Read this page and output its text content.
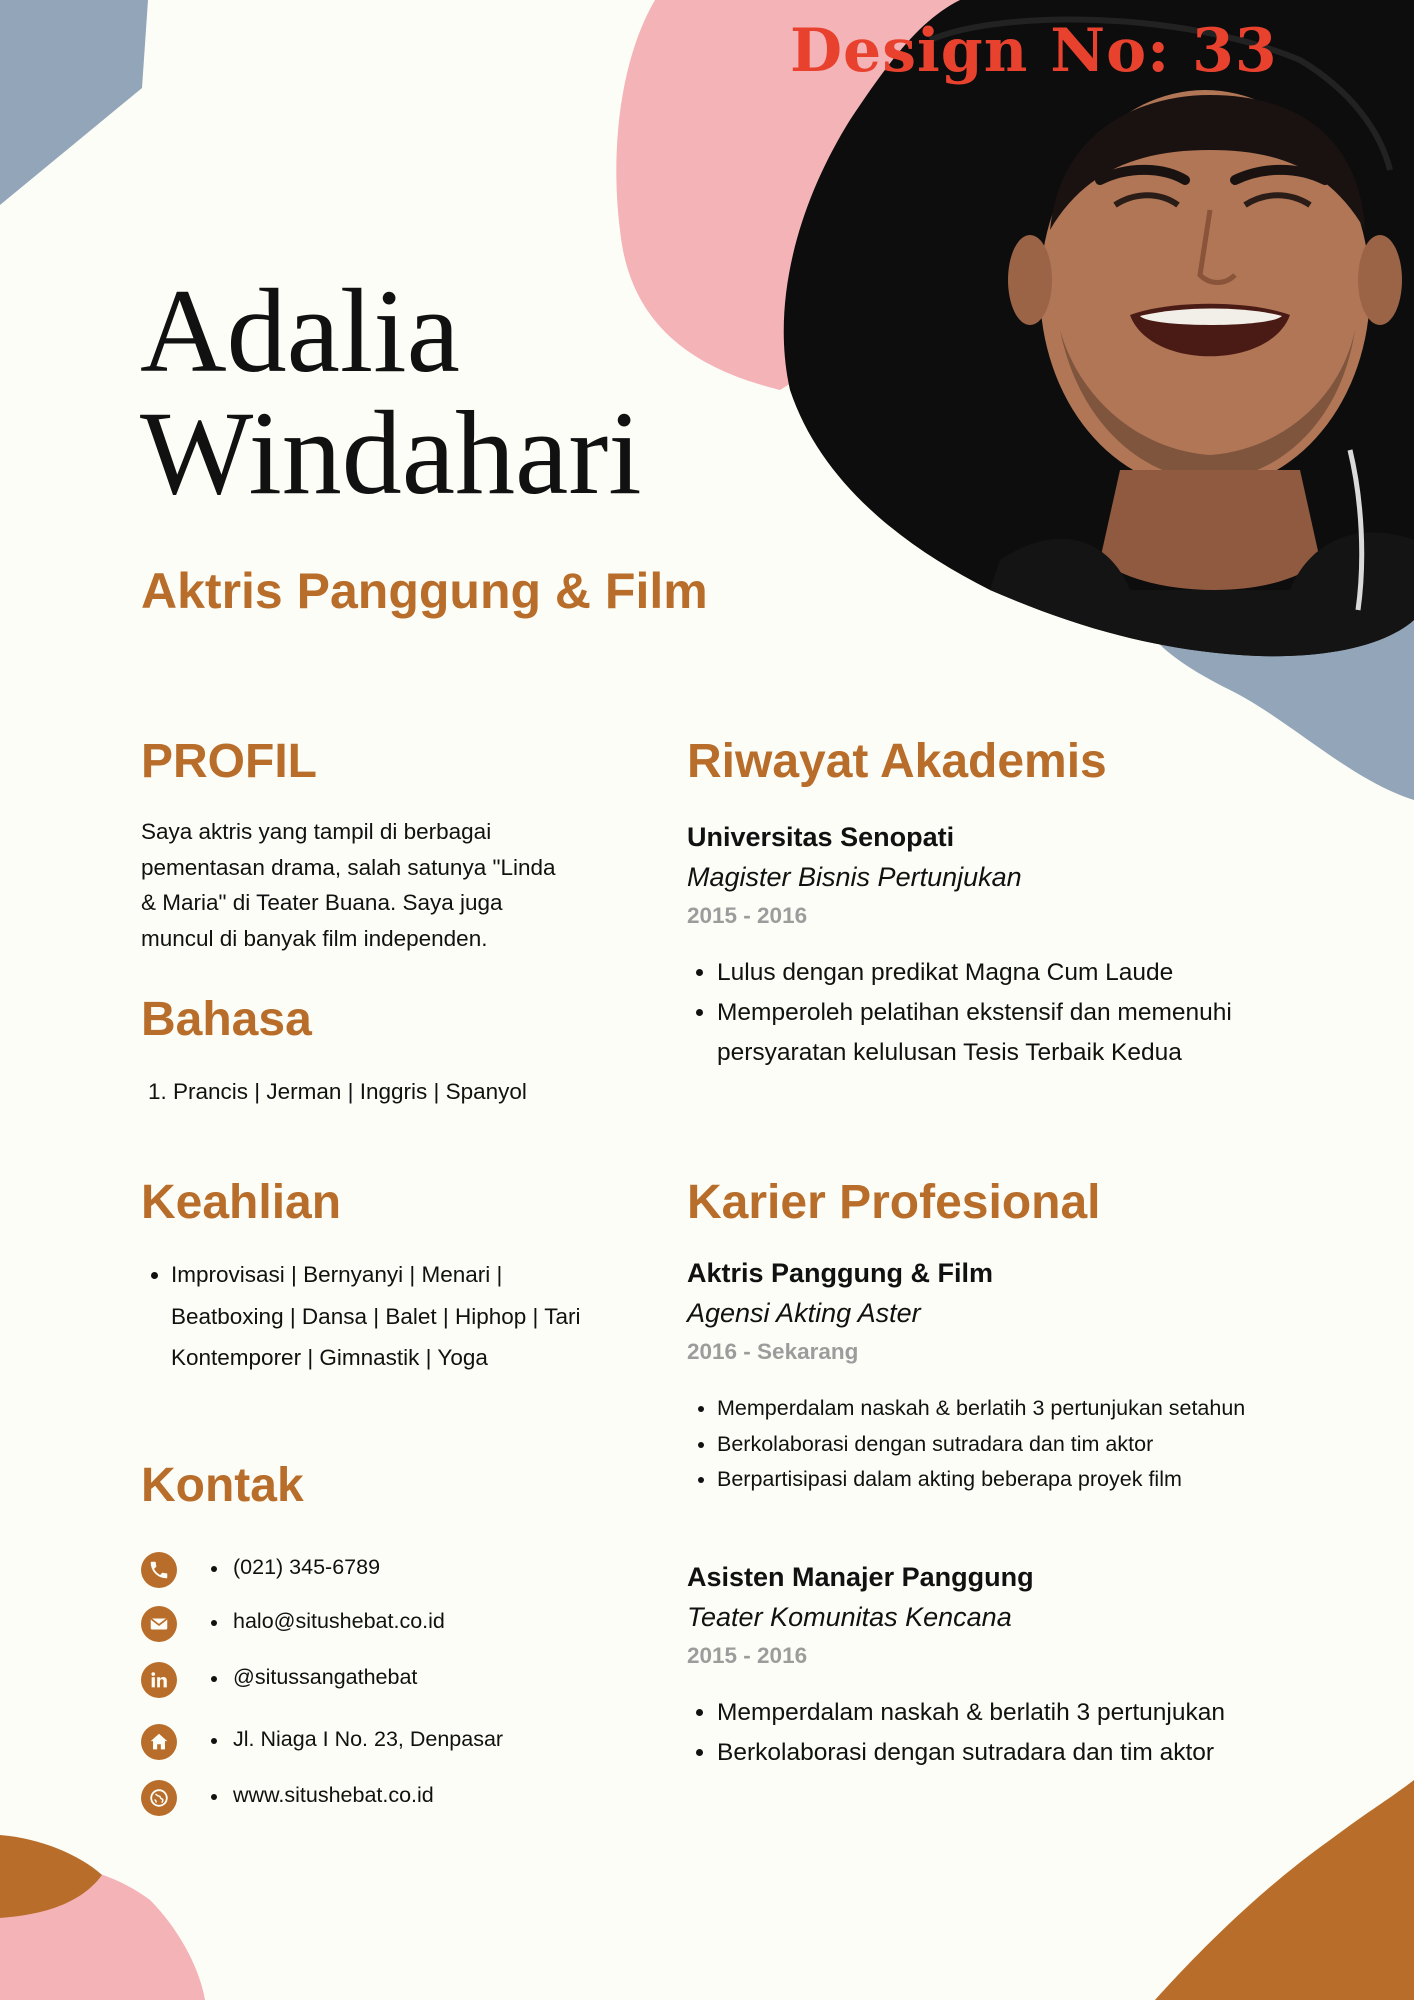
Design No: 33
Adalia
Windahari
Aktris Panggung & Film
PROFIL
Saya aktris yang tampil di berbagai pementasan drama, salah satunya "Linda & Maria" di Teater Buana. Saya juga muncul di banyak film independen.
Bahasa
1. Prancis | Jerman | Inggris | Spanyol
Keahlian
• Improvisasi | Bernyanyi | Menari | Beatboxing | Dansa | Balet | Hiphop | Tari Kontemporer | Gimnastik | Yoga
Kontak
(021) 345-6789
halo@situshebat.co.id
@situssangathebat
Jl. Niaga I No. 23, Denpasar
www.situshebat.co.id
Riwayat Akademis
Universitas Senopati
Magister Bisnis Pertunjukan
2015 - 2016
• Lulus dengan predikat Magna Cum Laude
• Memperoleh pelatihan ekstensif dan memenuhi persyaratan kelulusan Tesis Terbaik Kedua
Karier Profesional
Aktris Panggung & Film
Agensi Akting Aster
2016 - Sekarang
• Memperdalam naskah & berlatih 3 pertunjukan setahun
• Berkolaborasi dengan sutradara dan tim aktor
• Berpartisipasi dalam akting beberapa proyek film
Asisten Manajer Panggung
Teater Komunitas Kencana
2015 - 2016
• Memperdalam naskah & berlatih 3 pertunjukan
• Berkolaborasi dengan sutradara dan tim aktor
